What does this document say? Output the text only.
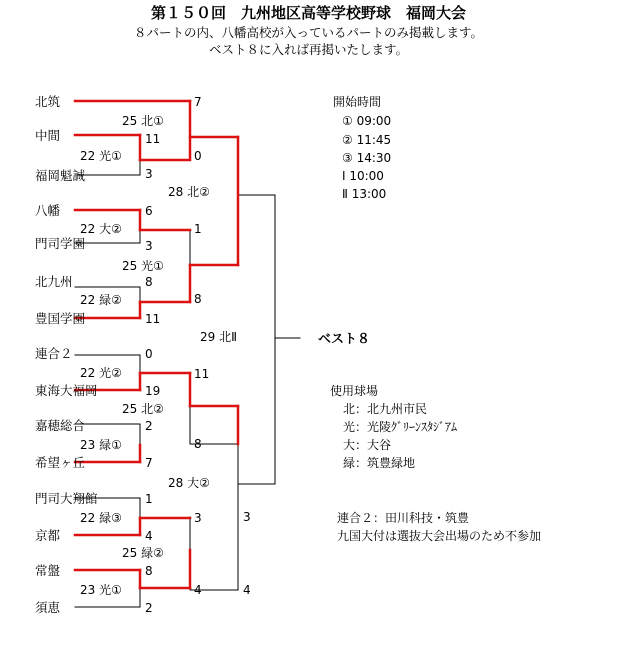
第１５０回　九州地区高等学校野球　福岡大会
８パートの内、八幡高校が入っているパートのみ掲載します。
ベスト８に入れば再掲いたします。
北筑
中間
福岡魁誠
八幡
門司学園
北九州
豊国学園
連合２
東海大福岡
嘉穂総合
希望ヶ丘
門司大翔館
京都
常盤
須恵
7
11
0
3
6
1
3
8
8
11
0
11
19
2
8
7
1
3
4
8
4
2
25 北①
22 光①
28 北②
22 大②
25 光①
22 緑②
29 北Ⅱ
22 光②
25 北②
23 緑①
28 大②
22 緑③
25 緑②
23 光①
3
4
ベスト８
開始時間
① 09:00
② 11:45
③ 14:30
Ⅰ 10:00
Ⅱ 13:00
使用球場
北：北九州市民
光：光陵ｸﾞﾘｰﾝｽﾀｼﾞｱﾑ
大：大谷
緑：筑豊緑地
連合２：田川科技・筑豊
九国大付は選抜大会出場のため不参加
